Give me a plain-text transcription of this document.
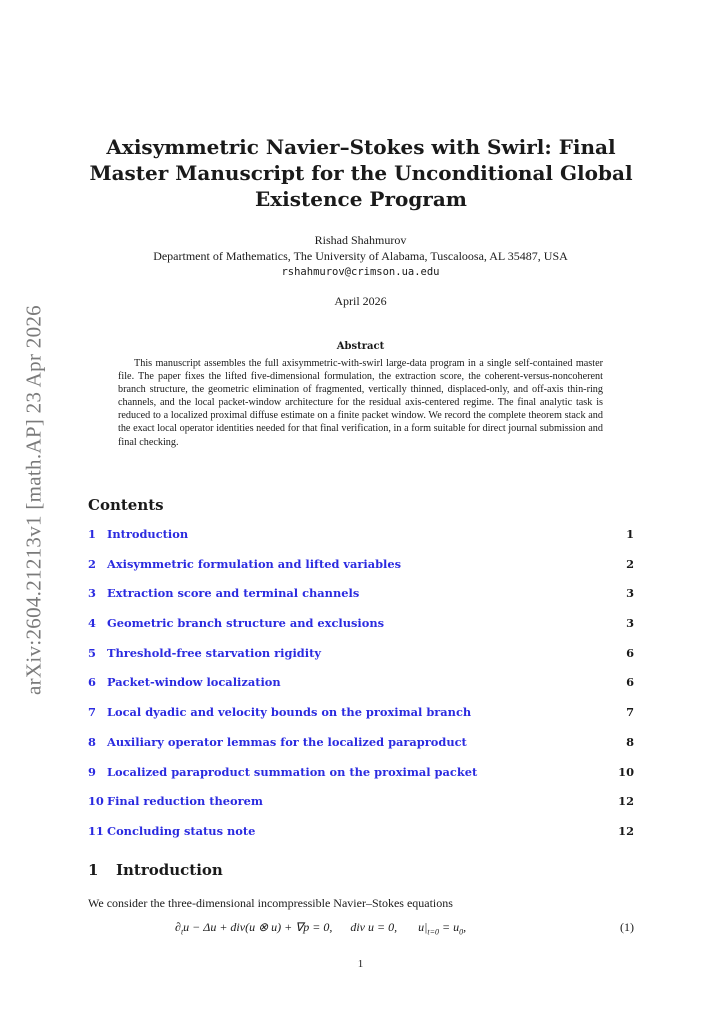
arXiv:2604.21213v1 [math.AP] 23 Apr 2026
Axisymmetric Navier–Stokes with Swirl: Final Master Manuscript for the Unconditional Global Existence Program
Rishad Shahmurov
Department of Mathematics, The University of Alabama, Tuscaloosa, AL 35487, USA
rshahmurov@crimson.ua.edu
April 2026
Abstract
This manuscript assembles the full axisymmetric-with-swirl large-data program in a single self-contained master file. The paper fixes the lifted five-dimensional formulation, the extraction score, the coherent-versus-noncoherent branch structure, the geometric elimination of fragmented, vertically thinned, displaced-only, and off-axis thin-ring channels, and the local packet-window architecture for the residual axis-centered regime. The final analytic task is reduced to a localized proximal diffuse estimate on a finite packet window. We record the complete theorem stack and the exact local operator identities needed for that final verification, in a form suitable for direct journal submission and final checking.
Contents
1 Introduction	1
2 Axisymmetric formulation and lifted variables	2
3 Extraction score and terminal channels	3
4 Geometric branch structure and exclusions	3
5 Threshold-free starvation rigidity	6
6 Packet-window localization	6
7 Local dyadic and velocity bounds on the proximal branch	7
8 Auxiliary operator lemmas for the localized paraproduct	8
9 Localized paraproduct summation on the proximal packet	10
10 Final reduction theorem	12
11 Concluding status note	12
1 Introduction
We consider the three-dimensional incompressible Navier–Stokes equations
$\partial_tu - \Delta u + div(u$ ⊗ u) + ∇p = 0,      div u = 0,       $u|_{t=0} = u_0$,	(1)
1
